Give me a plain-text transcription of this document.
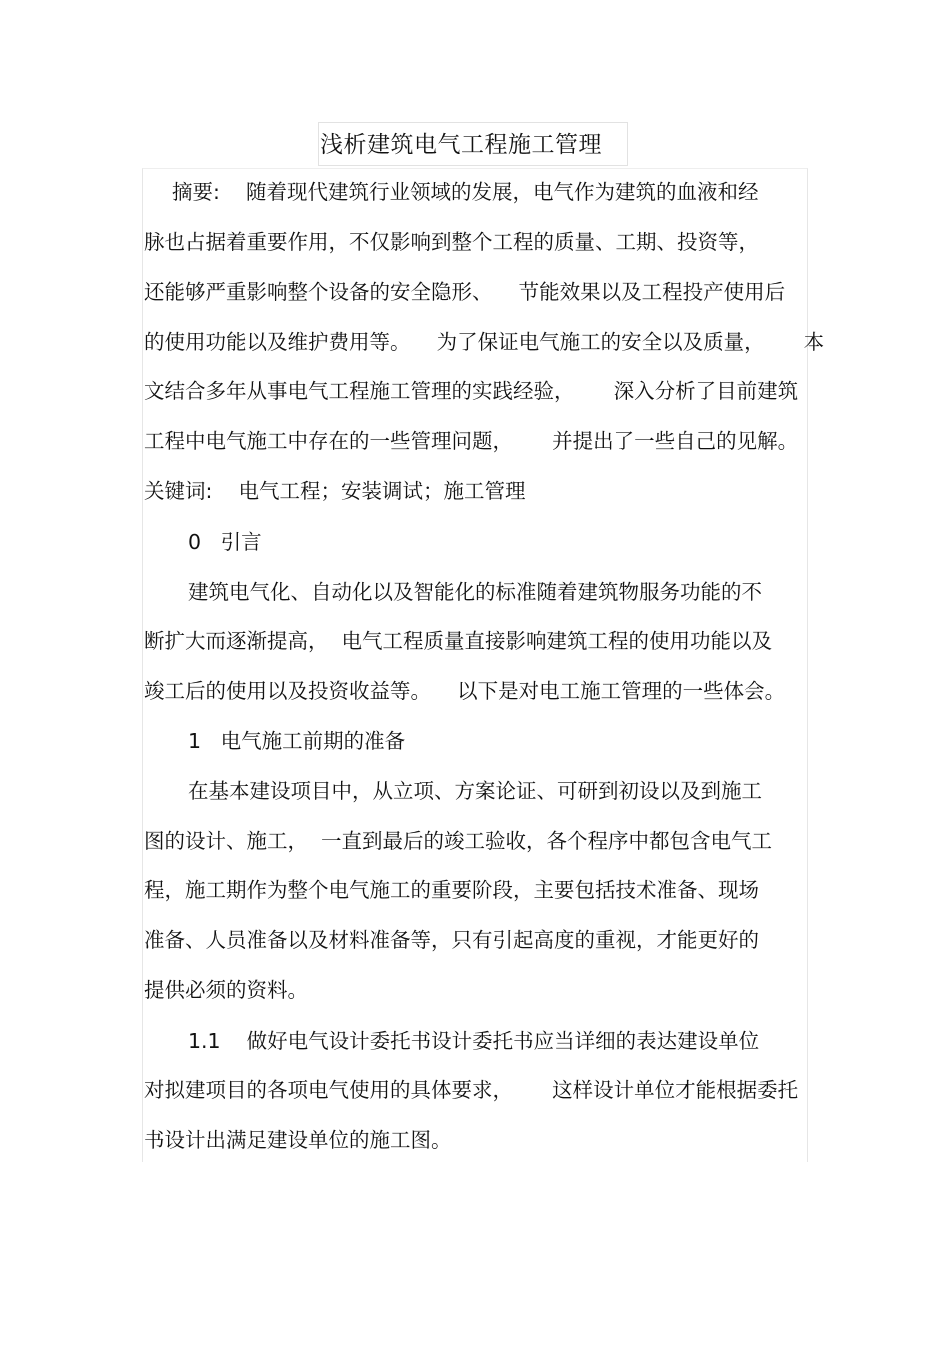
浅析建筑电气工程施工管理
摘要:    随着现代建筑行业领域的发展，电气作为建筑的血液和经
脉也占据着重要作用，不仅影响到整个工程的质量、工期、投资等，
还能够严重影响整个设备的安全隐形、    节能效果以及工程投产使用后
的使用功能以及维护费用等。    为了保证电气施工的安全以及质量，      本
文结合多年从事电气工程施工管理的实践经验，      深入分析了目前建筑
工程中电气施工中存在的一些管理问题，      并提出了一些自己的见解。
关键词:    电气工程；安装调试；施工管理
0   引言
建筑电气化、自动化以及智能化的标准随着建筑物服务功能的不
断扩大而逐渐提高，  电气工程质量直接影响建筑工程的使用功能以及
竣工后的使用以及投资收益等。    以下是对电工施工管理的一些体会。
1   电气施工前期的准备
在基本建设项目中，从立项、方案论证、可研到初设以及到施工
图的设计、施工，  一直到最后的竣工验收，各个程序中都包含电气工
程，施工期作为整个电气施工的重要阶段，主要包括技术准备、现场
准备、人员准备以及材料准备等，只有引起高度的重视，才能更好的
提供必须的资料。
1.1    做好电气设计委托书设计委托书应当详细的表达建设单位
对拟建项目的各项电气使用的具体要求，      这样设计单位才能根据委托
书设计出满足建设单位的施工图。
